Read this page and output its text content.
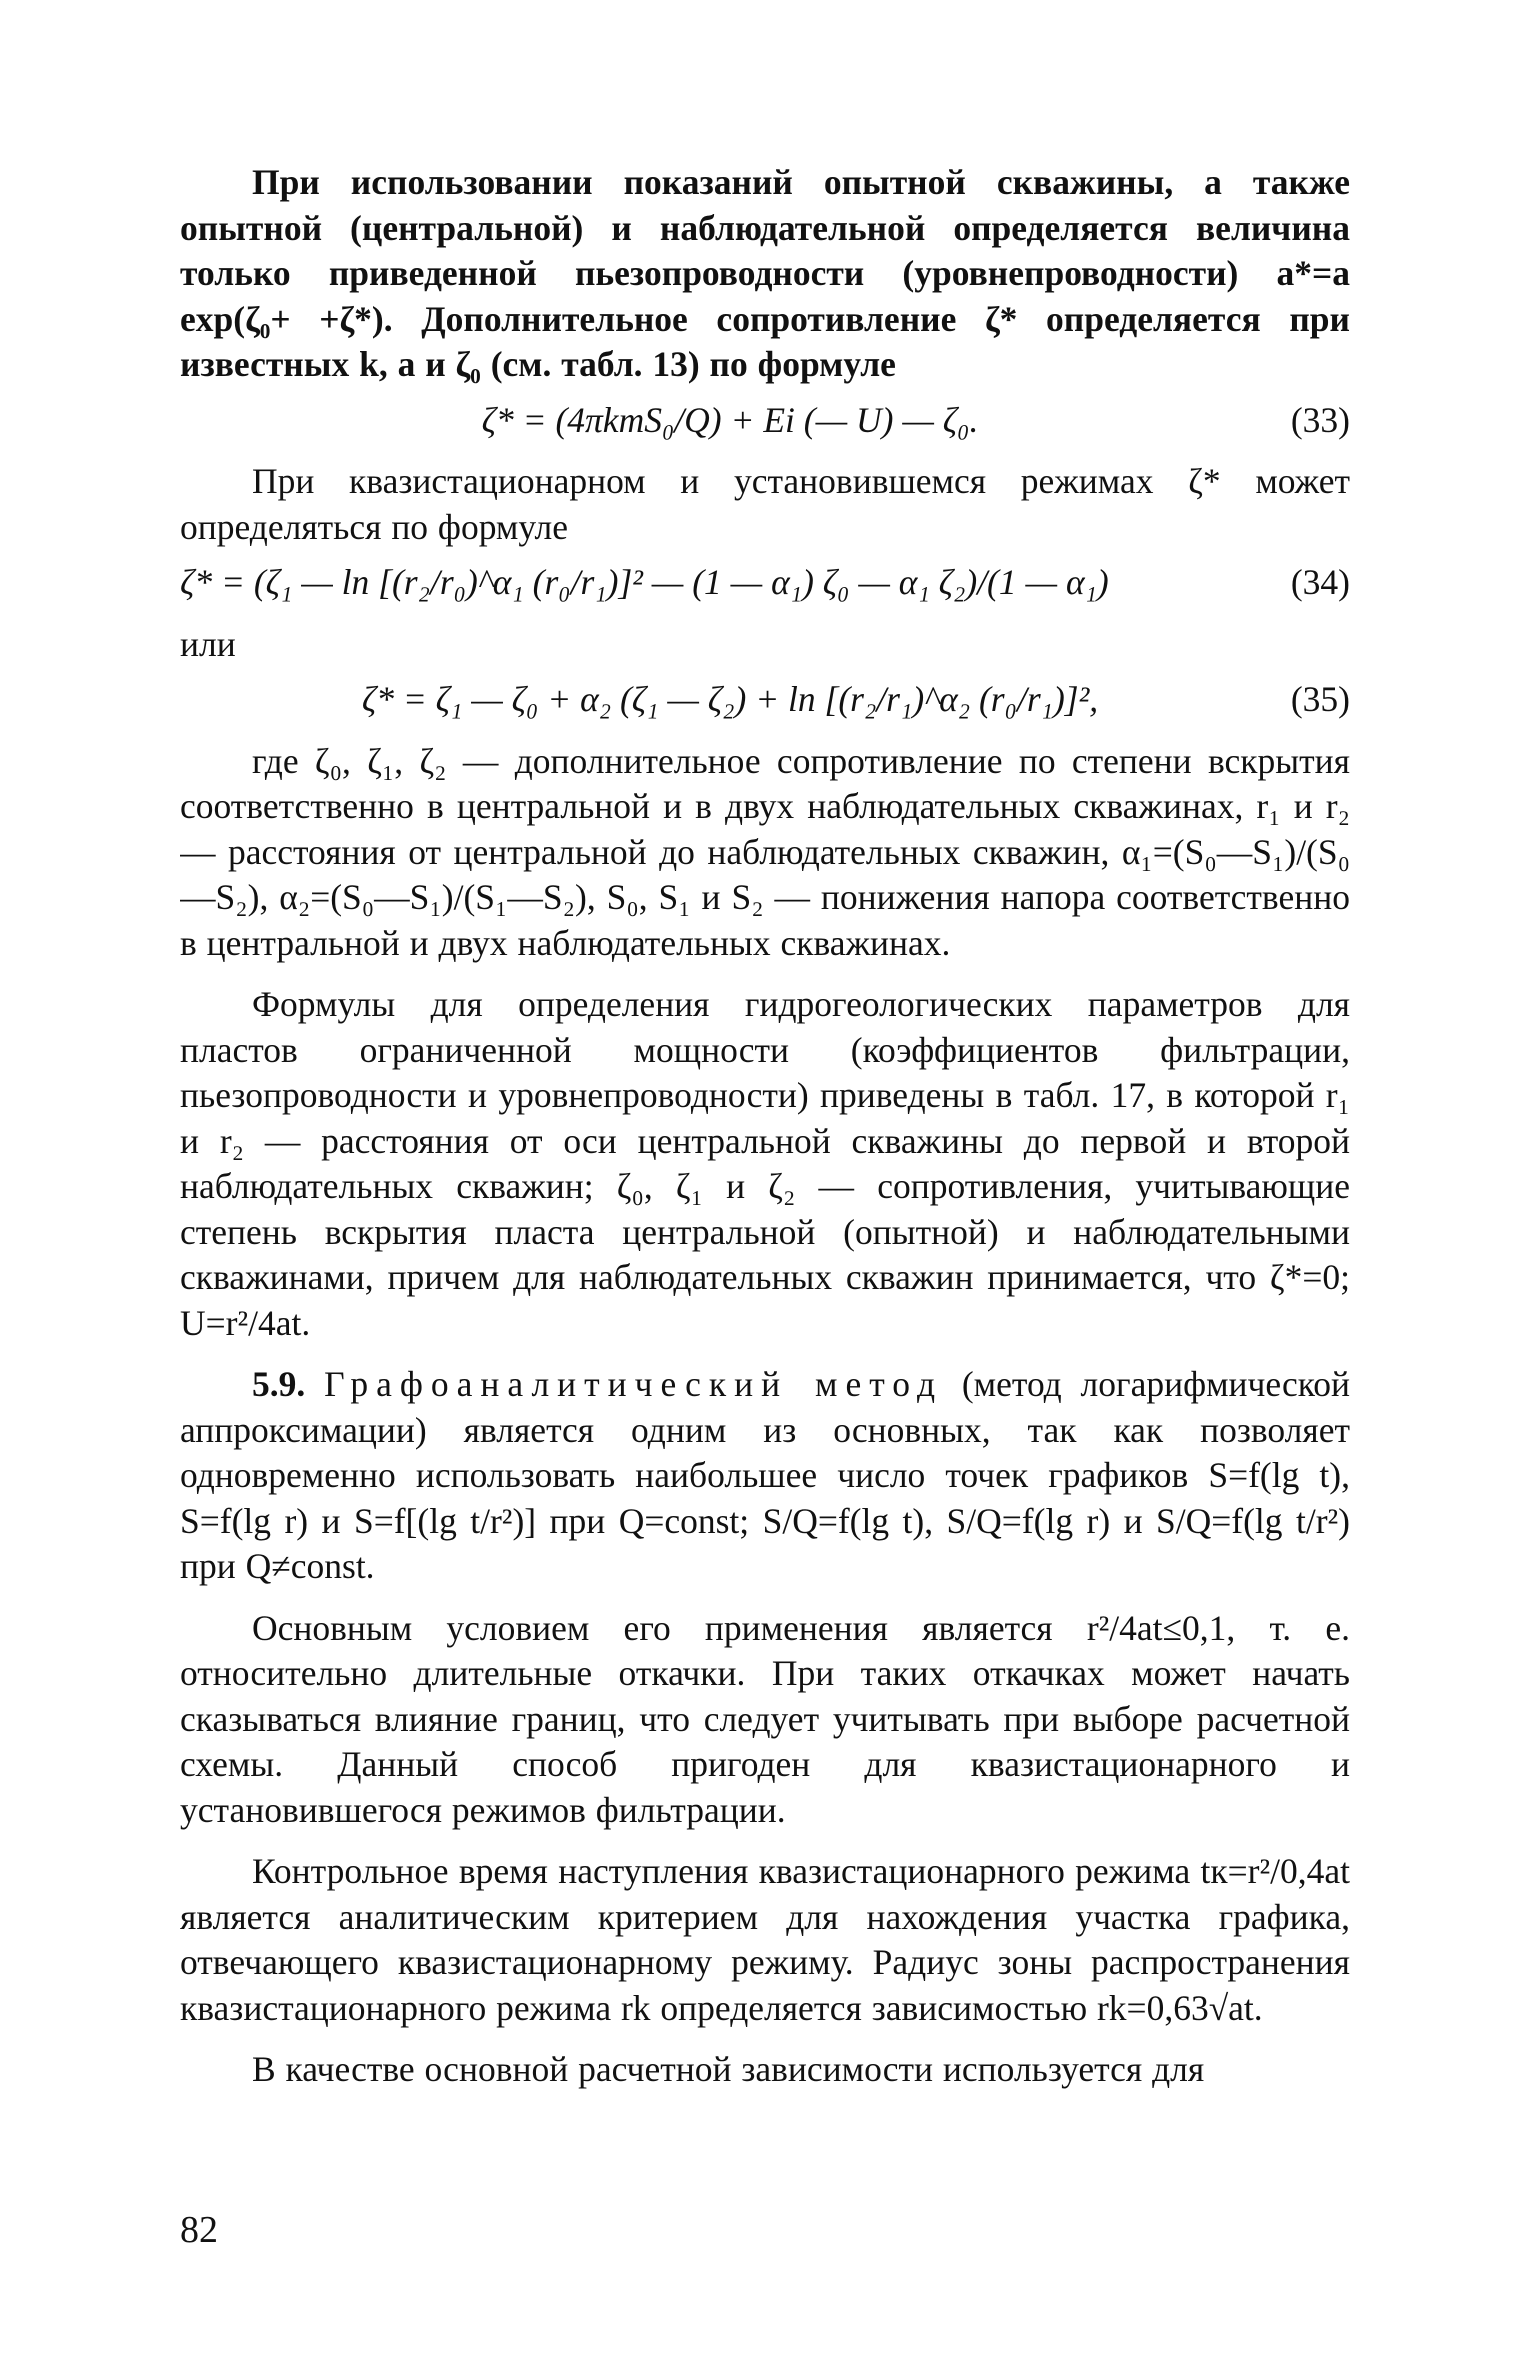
При использовании показаний опытной скважины, а также опытной (центральной) и наблюдательной определяется величина только приведенной пьезопроводности (уровнепроводности) a*=a exp(ζ₀+ +ζ*). Дополнительное сопротивление ζ* определяется при известных k, a и ζ₀ (см. табл. 13) по формуле

ζ* = (4πkmS₀/Q) + Ei (— U) — ζ₀.	(33)

При квазистационарном и установившемся режимах ζ* может определяться по формуле

ζ* = (ζ₁ — ln [(r₂/r₀)^α₁ (r₀/r₁)]² — (1 — α₁) ζ₀ — α₁ ζ₂)/(1 — α₁)	(34)

или

ζ* = ζ₁ — ζ₀ + α₂ (ζ₁ — ζ₂) + ln [(r₂/r₁)^α₂ (r₀/r₁)]²,	(35)

где ζ₀, ζ₁, ζ₂ — дополнительное сопротивление по степени вскрытия соответственно в центральной и в двух наблюдательных скважинах, r₁ и r₂ — расстояния от центральной до наблюдательных скважин, α₁=(S₀—S₁)/(S₀—S₂), α₂=(S₀—S₁)/(S₁—S₂), S₀, S₁ и S₂ — понижения напора соответственно в центральной и двух наблюдательных скважинах.

Формулы для определения гидрогеологических параметров для пластов ограниченной мощности (коэффициентов фильтрации, пьезопроводности и уровнепроводности) приведены в табл. 17, в которой r₁ и r₂ — расстояния от оси центральной скважины до первой и второй наблюдательных скважин; ζ₀, ζ₁ и ζ₂ — сопротивления, учитывающие степень вскрытия пласта центральной (опытной) и наблюдательными скважинами, причем для наблюдательных скважин принимается, что ζ*=0; U=r²/4at.

5.9. Графоаналитический метод (метод логарифмической аппроксимации) является одним из основных, так как позволяет одновременно использовать наибольшее число точек графиков S=f(lg t), S=f(lg r) и S=f[(lg t/r²)] при Q=const; S/Q=f(lg t), S/Q=f(lg r) и S/Q=f(lg t/r²) при Q≠const.

Основным условием его применения является r²/4at≤0,1, т. е. относительно длительные откачки. При таких откачках может начать сказываться влияние границ, что следует учитывать при выборе расчетной схемы. Данный способ пригоден для квазистационарного и установившегося режимов фильтрации.

Контрольное время наступления квазистационарного режима tк=r²/0,4at является аналитическим критерием для нахождения участка графика, отвечающего квазистационарному режиму. Радиус зоны распространения квазистационарного режима rk определяется зависимостью rk=0,63√at.

В качестве основной расчетной зависимости используется для

82
